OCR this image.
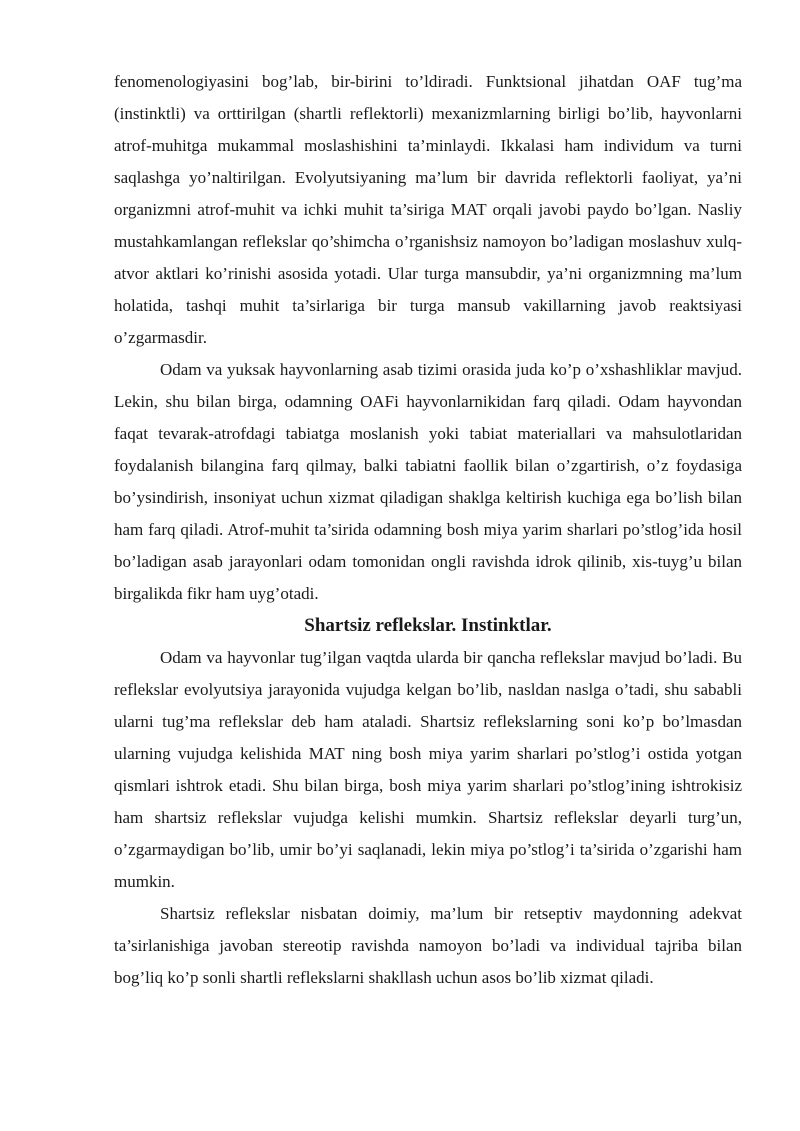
fenomenologiyasini bog’lab, bir-birini to’ldiradi. Funktsional jihatdan OAF tug’ma (instinktli) va orttirilgan (shartli reflektorli) mexanizmlarning birligi bo’lib, hayvonlarni atrof-muhitga mukammal moslashishini ta’minlaydi. Ikkalasi ham individum va turni saqlashga yo’naltirilgan. Evolyutsiyaning ma’lum bir davrida reflektorli faoliyat, ya’ni organizmni atrof-muhit va ichki muhit ta’siriga MAT orqali javobi paydo bo’lgan. Nasliy mustahkamlangan reflekslar qo’shimcha o’rganishsiz namoyon bo’ladigan moslashuv xulq-atvor aktlari ko’rinishi asosida yotadi. Ular turga mansubdir, ya’ni organizmning ma’lum holatida, tashqi muhit ta’sirlariga bir turga mansub vakillarning javob reaktsiyasi o’zgarmasdir.

Odam va yuksak hayvonlarning asab tizimi orasida juda ko’p o’xshashliklar mavjud. Lekin, shu bilan birga, odamning OAFi hayvonlarnikidan farq qiladi. Odam hayvondan faqat tevarak-atrofdagi tabiatga moslanish yoki tabiat materiallari va mahsulotlaridan foydalanish bilangina farq qilmay, balki tabiatni faollik bilan o’zgartirish, o’z foydasiga bo’ysindirish, insoniyat uchun xizmat qiladigan shaklga keltirish kuchiga ega bo’lish bilan ham farq qiladi. Atrof-muhit ta’sirida odamning bosh miya yarim sharlari po’stlog’ida hosil bo’ladigan asab jarayonlari odam tomonidan ongli ravishda idrok qilinib, xis-tuyg’u bilan birgalikda fikr ham uyg’otadi.

Shartsiz reflekslar. Instinktlar.

Odam va hayvonlar tug’ilgan vaqtda ularda bir qancha reflekslar mavjud bo’ladi. Bu reflekslar evolyutsiya jarayonida vujudga kelgan bo’lib, nasldan naslga o’tadi, shu sababli ularni tug’ma reflekslar deb ham ataladi. Shartsiz reflekslarning soni ko’p bo’lmasdan ularning vujudga kelishida MAT ning bosh miya yarim sharlari po’stlog’i ostida yotgan qismlari ishtrok etadi. Shu bilan birga, bosh miya yarim sharlari po’stlog’ining ishtrokisiz ham shartsiz reflekslar vujudga kelishi mumkin. Shartsiz reflekslar deyarli turg’un, o’zgarmaydigan bo’lib, umir bo’yi saqlanadi, lekin miya po’stlog’i ta’sirida o’zgarishi ham mumkin.

Shartsiz reflekslar nisbatan doimiy, ma’lum bir retseptiv maydonning adekvat ta’sirlanishiga javoban stereotip ravishda namoyon bo’ladi va individual tajriba bilan bog’liq ko’p sonli shartli reflekslarni shakllash uchun asos bo’lib xizmat qiladi.
